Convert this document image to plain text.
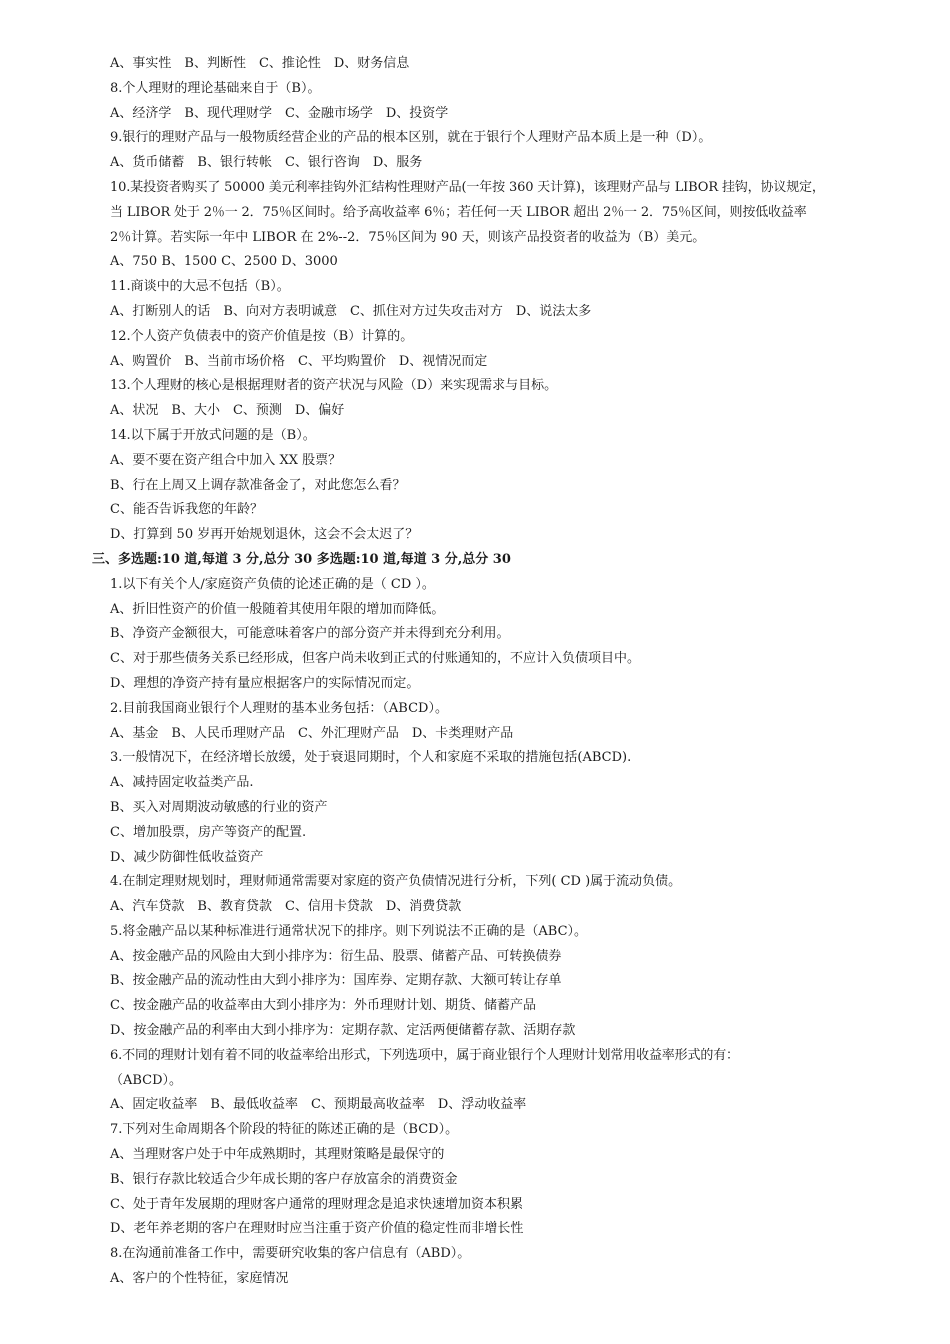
A、事实性　B、判断性　C、推论性　D、财务信息
8.个人理财的理论基础来自于（B）。
A、经济学　B、现代理财学　C、金融市场学　D、投资学
9.银行的理财产品与一般物质经营企业的产品的根本区别，就在于银行个人理财产品本质上是一种（D）。
A、货币储蓄　B、银行转帐　C、银行咨询　D、服务
10.某投资者购买了 50000 美元利率挂钩外汇结构性理财产品(一年按 360 天计算)，该理财产品与 LIBOR 挂钩，协议规定，
当 LIBOR 处于 2％一 2．75％区间时。给予高收益率 6％；若任何一天 LIBOR 超出 2％一 2．75％区间，则按低收益率
2％计算。若实际一年中 LIBOR 在 2%--2．75％区间为 90 天，则该产品投资者的收益为（B）美元。
A、750 B、1500 C、2500 D、3000
11.商谈中的大忌不包括（B）。
A、打断别人的话　B、向对方表明诚意　C、抓住对方过失攻击对方　D、说法太多
12.个人资产负债表中的资产价值是按（B）计算的。
A、购置价　B、当前市场价格　C、平均购置价　D、视情况而定
13.个人理财的核心是根据理财者的资产状况与风险（D）来实现需求与目标。
A、状况　B、大小　C、预测　D、偏好
14.以下属于开放式问题的是（B）。
A、要不要在资产组合中加入 XX 股票？
B、行在上周又上调存款准备金了，对此您怎么看？
C、能否告诉我您的年龄？
D、打算到 50 岁再开始规划退休，这会不会太迟了？
三、多选题:10 道,每道 3 分,总分 30 多选题:10 道,每道 3 分,总分 30
1.以下有关个人/家庭资产负债的论述正确的是（ CD ）。
A、折旧性资产的价值一般随着其使用年限的增加而降低。
B、净资产金额很大，可能意味着客户的部分资产并未得到充分利用。
C、对于那些债务关系已经形成，但客户尚未收到正式的付账通知的，不应计入负债项目中。
D、理想的净资产持有量应根据客户的实际情况而定。
2.目前我国商业银行个人理财的基本业务包括：（ABCD）。
A、基金　B、人民币理财产品　C、外汇理财产品　D、卡类理财产品
3.一般情况下，在经济增长放缓，处于衰退同期时，个人和家庭不采取的措施包括(ABCD).
A、减持固定收益类产品.
B、买入对周期波动敏感的行业的资产
C、增加股票，房产等资产的配置.
D、减少防御性低收益资产
4.在制定理财规划时，理财师通常需要对家庭的资产负债情况进行分析，下列( CD )属于流动负债。
A、汽车贷款　B、教育贷款　C、信用卡贷款　D、消费贷款
5.将金融产品以某种标准进行通常状况下的排序。则下列说法不正确的是（ABC）。
A、按金融产品的风险由大到小排序为：衍生品、股票、储蓄产品、可转换债券
B、按金融产品的流动性由大到小排序为：国库券、定期存款、大额可转让存单
C、按金融产品的收益率由大到小排序为：外币理财计划、期货、储蓄产品
D、按金融产品的利率由大到小排序为：定期存款、定活两便储蓄存款、活期存款
6.不同的理财计划有着不同的收益率给出形式，下列选项中，属于商业银行个人理财计划常用收益率形式的有：
（ABCD）。
A、固定收益率　B、最低收益率　C、预期最高收益率　D、浮动收益率
7.下列对生命周期各个阶段的特征的陈述正确的是（BCD）。
A、当理财客户处于中年成熟期时，其理财策略是最保守的
B、银行存款比较适合少年成长期的客户存放富余的消费资金
C、处于青年发展期的理财客户通常的理财理念是追求快速增加资本积累
D、老年养老期的客户在理财时应当注重于资产价值的稳定性而非增长性
8.在沟通前准备工作中，需要研究收集的客户信息有（ABD）。
A、客户的个性特征，家庭情况
